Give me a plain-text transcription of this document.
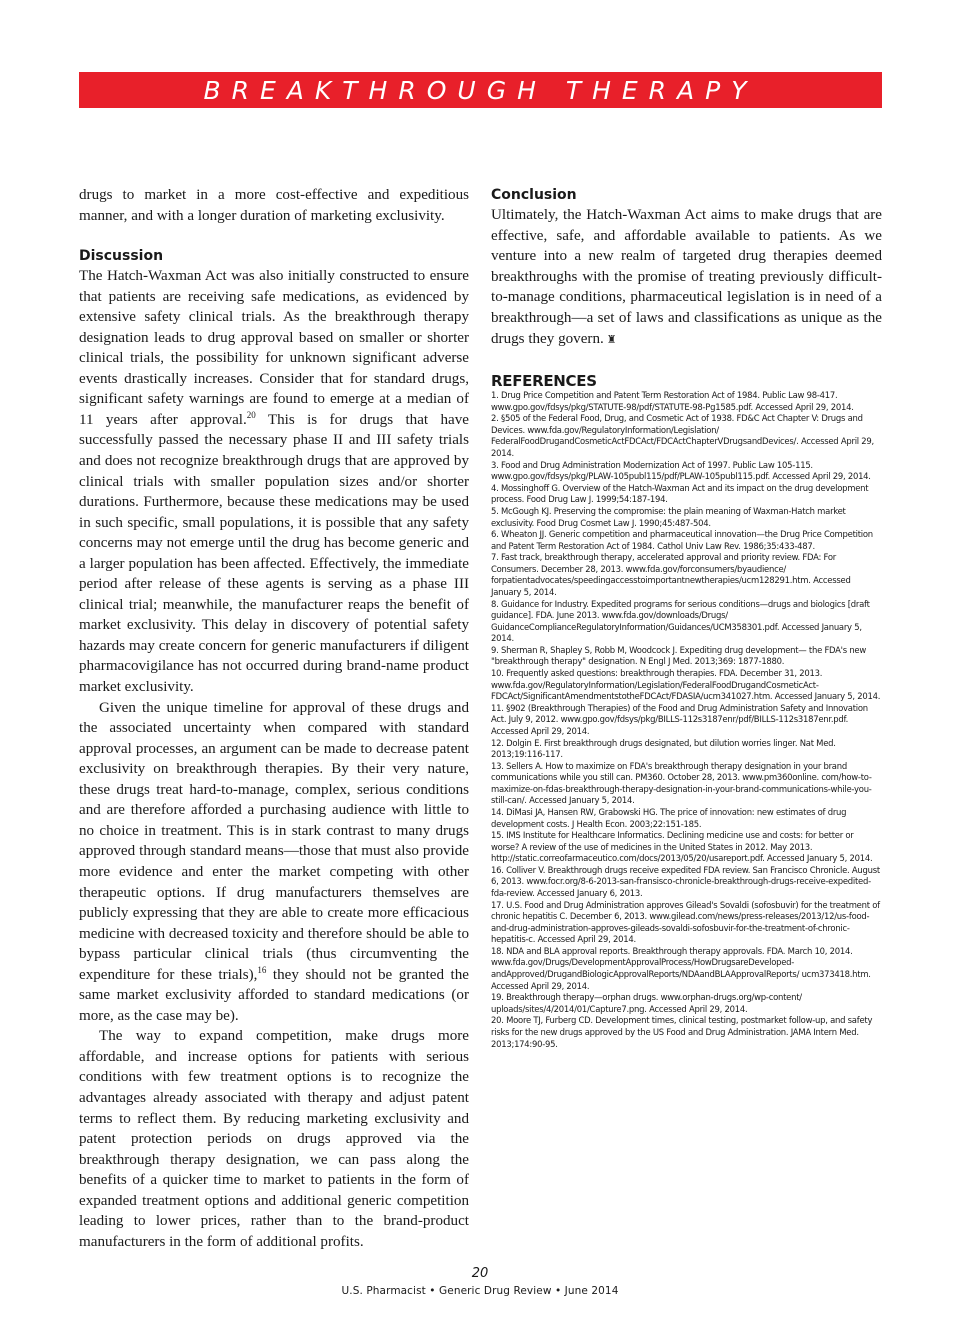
BREAKTHROUGH THERAPY

drugs to market in a more cost-effective and expeditious manner, and with a longer duration of marketing exclusivity.

Discussion

The Hatch-Waxman Act was also initially constructed to ensure that patients are receiving safe medications, as evidenced by extensive safety clinical trials. As the breakthrough therapy designation leads to drug approval based on smaller or shorter clinical trials, the possibility for unknown significant adverse events drastically increases. Consider that for standard drugs, significant safety warnings are found to emerge at a median of 11 years after approval.$^{20}$ This is for drugs that have successfully passed the necessary phase II and III safety trials and does not recognize breakthrough drugs that are approved by clinical trials with smaller population sizes and/or shorter durations. Furthermore, because these medications may be used in such specific, small populations, it is possible that any safety concerns may not emerge until the drug has become generic and a larger population has been affected. Effectively, the immediate period after release of these agents is serving as a phase III clinical trial; meanwhile, the manufacturer reaps the benefit of market exclusivity. This delay in discovery of potential safety hazards may create concern for generic manufacturers if diligent pharmacovigilance has not occurred during brand-name product market exclusivity.

Given the unique timeline for approval of these drugs and the associated uncertainty when compared with standard approval processes, an argument can be made to decrease patent exclusivity on breakthrough therapies. By their very nature, these drugs treat hard-to-manage, complex, serious conditions and are therefore afforded a purchasing audience with little to no choice in treatment. This is in stark contrast to many drugs approved through standard means—those that must also provide more evidence and enter the market competing with other therapeutic options. If drug manufacturers themselves are publicly expressing that they are able to create more efficacious medicine with decreased toxicity and therefore should be able to bypass particular clinical trials (thus circumventing the expenditure for these trials),$^{16}$ they should not be granted the same market exclusivity afforded to standard medications (or more, as the case may be).

The way to expand competition, make drugs more affordable, and increase options for patients with serious conditions with few treatment options is to recognize the advantages already associated with therapy and adjust patent terms to reflect them. By reducing marketing exclusivity and patent protection periods on drugs approved via the breakthrough therapy designation, we can pass along the benefits of a quicker time to market to patients in the form of expanded treatment options and additional generic competition leading to lower prices, rather than to the brand-product manufacturers in the form of additional profits.

Conclusion

Ultimately, the Hatch-Waxman Act aims to make drugs that are effective, safe, and affordable available to patients. As we venture into a new realm of targeted drug therapies deemed breakthroughs with the promise of treating previously difficult-to-manage conditions, pharmaceutical legislation is in need of a breakthrough—a set of laws and classifications as unique as the drugs they govern. ♜

REFERENCES
1. Drug Price Competition and Patent Term Restoration Act of 1984. Public Law 98-417. www.gpo.gov/fdsys/pkg/STATUTE-98/pdf/STATUTE-98-Pg1585.pdf. Accessed April 29, 2014.
2. §505 of the Federal Food, Drug, and Cosmetic Act of 1938. FD&C Act Chapter V: Drugs and Devices. www.fda.gov/RegulatoryInformation/Legislation/ FederalFoodDrugandCosmeticActFDCAct/FDCActChapterVDrugsandDevices/. Accessed April 29, 2014.
3. Food and Drug Administration Modernization Act of 1997. Public Law 105-115. www.gpo.gov/fdsys/pkg/PLAW-105publ115/pdf/PLAW-105publ115.pdf. Accessed April 29, 2014.
4. Mossinghoff G. Overview of the Hatch-Waxman Act and its impact on the drug development process. Food Drug Law J. 1999;54:187-194.
5. McGough KJ. Preserving the compromise: the plain meaning of Waxman-Hatch market exclusivity. Food Drug Cosmet Law J. 1990;45:487-504.
6. Wheaton JJ. Generic competition and pharmaceutical innovation—the Drug Price Competition and Patent Term Restoration Act of 1984. Cathol Univ Law Rev. 1986;35:433-487.
7. Fast track, breakthrough therapy, accelerated approval and priority review. FDA: For Consumers. December 28, 2013. www.fda.gov/forconsumers/byaudience/ forpatientadvocates/speedingaccesstoimportantnewtherapies/ucm128291.htm. Accessed January 5, 2014.
8. Guidance for Industry. Expedited programs for serious conditions—drugs and biologics [draft guidance]. FDA. June 2013. www.fda.gov/downloads/Drugs/ GuidanceComplianceRegulatoryInformation/Guidances/UCM358301.pdf. Accessed January 5, 2014.
9. Sherman R, Shapley S, Robb M, Woodcock J. Expediting drug development— the FDA's new "breakthrough therapy" designation. N Engl J Med. 2013;369: 1877-1880.
10. Frequently asked questions: breakthrough therapies. FDA. December 31, 2013. www.fda.gov/RegulatoryInformation/Legislation/FederalFoodDrugandCosmeticAct-FDCAct/SignificantAmendmentstotheFDCAct/FDASIA/ucm341027.htm. Accessed January 5, 2014.
11. §902 (Breakthrough Therapies) of the Food and Drug Administration Safety and Innovation Act. July 9, 2012. www.gpo.gov/fdsys/pkg/BILLS-112s3187enr/pdf/BILLS-112s3187enr.pdf. Accessed April 29, 2014.
12. Dolgin E. First breakthrough drugs designated, but dilution worries linger. Nat Med. 2013;19:116-117.
13. Sellers A. How to maximize on FDA's breakthrough therapy designation in your brand communications while you still can. PM360. October 28, 2013. www.pm360online. com/how-to-maximize-on-fdas-breakthrough-therapy-designation-in-your-brand-communications-while-you-still-can/. Accessed January 5, 2014.
14. DiMasi JA, Hansen RW, Grabowski HG. The price of innovation: new estimates of drug development costs. J Health Econ. 2003;22:151-185.
15. IMS Institute for Healthcare Informatics. Declining medicine use and costs: for better or worse? A review of the use of medicines in the United States in 2012. May 2013. http://static.correofarmaceutico.com/docs/2013/05/20/usareport.pdf. Accessed January 5, 2014.
16. Colliver V. Breakthrough drugs receive expedited FDA review. San Francisco Chronicle. August 6, 2013. www.focr.org/8-6-2013-san-fransisco-chronicle-breakthrough-drugs-receive-expedited-fda-review. Accessed January 6, 2013.
17. U.S. Food and Drug Administration approves Gilead's Sovaldi (sofosbuvir) for the treatment of chronic hepatitis C. December 6, 2013. www.gilead.com/news/press-releases/2013/12/us-food-and-drug-administration-approves-gileads-sovaldi-sofosbuvir-for-the-treatment-of-chronic-hepatitis-c. Accessed April 29, 2014.
18. NDA and BLA approval reports. Breakthrough therapy approvals. FDA. March 10, 2014. www.fda.gov/Drugs/DevelopmentApprovalProcess/HowDrugsareDeveloped-andApproved/DrugandBiologicApprovalReports/NDAandBLAApprovalReports/ ucm373418.htm. Accessed April 29, 2014.
19. Breakthrough therapy—orphan drugs. www.orphan-drugs.org/wp-content/ uploads/sites/4/2014/01/Capture7.png. Accessed April 29, 2014.
20. Moore TJ, Furberg CD. Development times, clinical testing, postmarket follow-up, and safety risks for the new drugs approved by the US Food and Drug Administration. JAMA Intern Med. 2013;174:90-95.
20
U.S. Pharmacist • Generic Drug Review • June 2014
